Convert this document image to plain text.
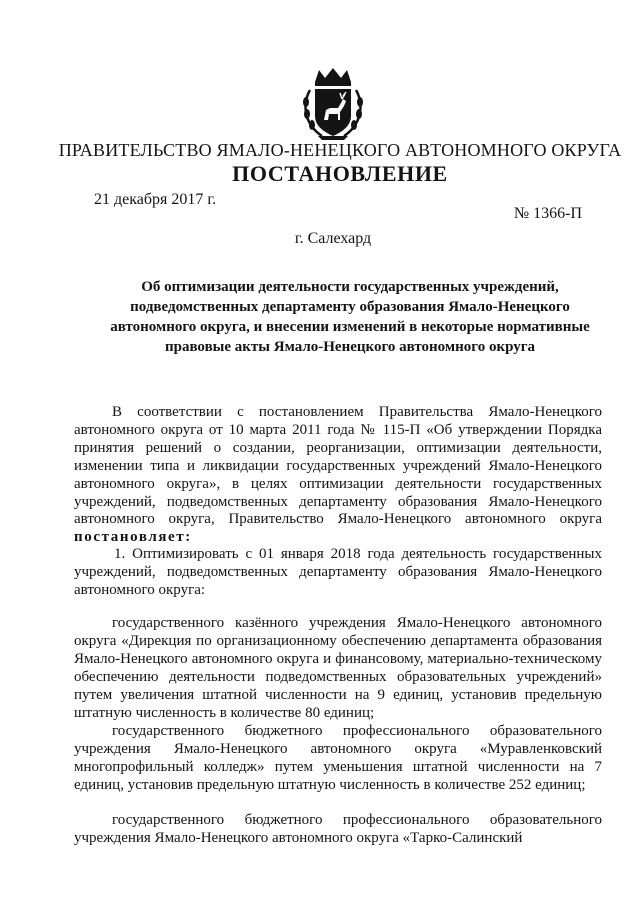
ПРАВИТЕЛЬСТВО ЯМАЛО-НЕНЕЦКОГО АВТОНОМНОГО ОКРУГА
ПОСТАНОВЛЕНИЕ
21 декабря 2017 г.
№ 1366-П
г. Салехард
Об оптимизации деятельности государственных учреждений, подведомственных департаменту образования Ямало-Ненецкого автономного округа, и внесении изменений в некоторые нормативные правовые акты Ямало-Ненецкого автономного округа

В соответствии с постановлением Правительства Ямало-Ненецкого автономного округа от 10 марта 2011 года № 115-П «Об утверждении Порядка принятия решений о создании, реорганизации, оптимизации деятельности, изменении типа и ликвидации государственных учреждений Ямало-Ненецкого автономного округа», в целях оптимизации деятельности государственных учреждений, подведомственных департаменту образования Ямало-Ненецкого автономного округа, Правительство Ямало-Ненецкого автономного округа постановляет:

1. Оптимизировать с 01 января 2018 года деятельность государственных учреждений, подведомственных департаменту образования Ямало-Ненецкого автономного округа:

государственного казённого учреждения Ямало-Ненецкого автономного округа «Дирекция по организационному обеспечению департамента образования Ямало-Ненецкого автономного округа и финансовому, материально-техническому обеспечению деятельности подведомственных образовательных учреждений» путем увеличения штатной численности на 9 единиц, установив предельную штатную численность в количестве 80 единиц;

государственного бюджетного профессионального образовательного учреждения Ямало-Ненецкого автономного округа «Муравленковский многопрофильный колледж» путем уменьшения штатной численности на 7 единиц, установив предельную штатную численность в количестве 252 единиц;

государственного бюджетного профессионального образовательного учреждения Ямало-Ненецкого автономного округа «Тарко-Салинский
